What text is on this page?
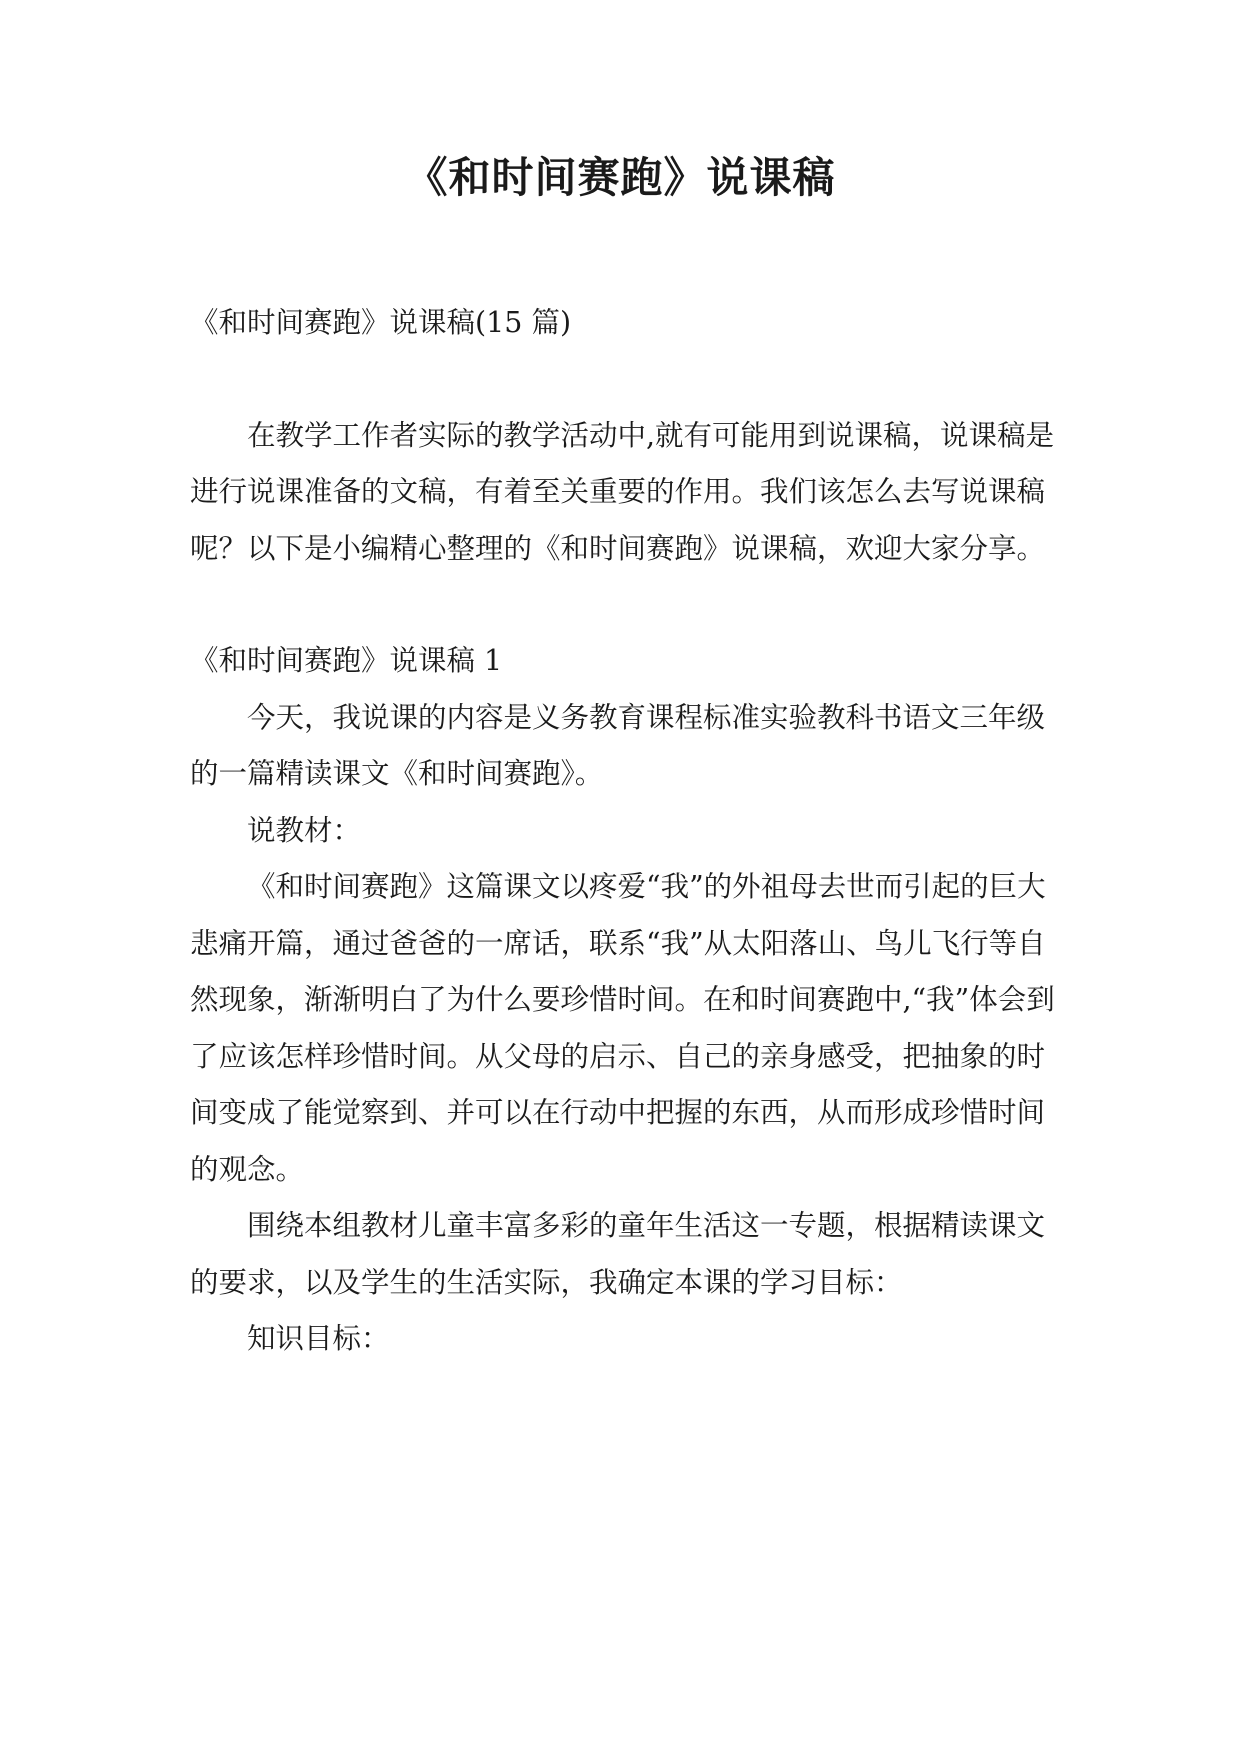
《和时间赛跑》说课稿

《和时间赛跑》说课稿(15 篇)

在教学工作者实际的教学活动中,就有可能用到说课稿，说课稿是进行说课准备的文稿，有着至关重要的作用。我们该怎么去写说课稿呢？以下是小编精心整理的《和时间赛跑》说课稿，欢迎大家分享。

《和时间赛跑》说课稿 1

今天，我说课的内容是义务教育课程标准实验教科书语文三年级的一篇精读课文《和时间赛跑》。

说教材：

《和时间赛跑》这篇课文以疼爱“我”的外祖母去世而引起的巨大悲痛开篇，通过爸爸的一席话，联系“我”从太阳落山、鸟儿飞行等自然现象，渐渐明白了为什么要珍惜时间。在和时间赛跑中,“我”体会到了应该怎样珍惜时间。从父母的启示、自己的亲身感受，把抽象的时间变成了能觉察到、并可以在行动中把握的东西，从而形成珍惜时间的观念。

围绕本组教材儿童丰富多彩的童年生活这一专题，根据精读课文的要求，以及学生的生活实际，我确定本课的学习目标：

知识目标：
